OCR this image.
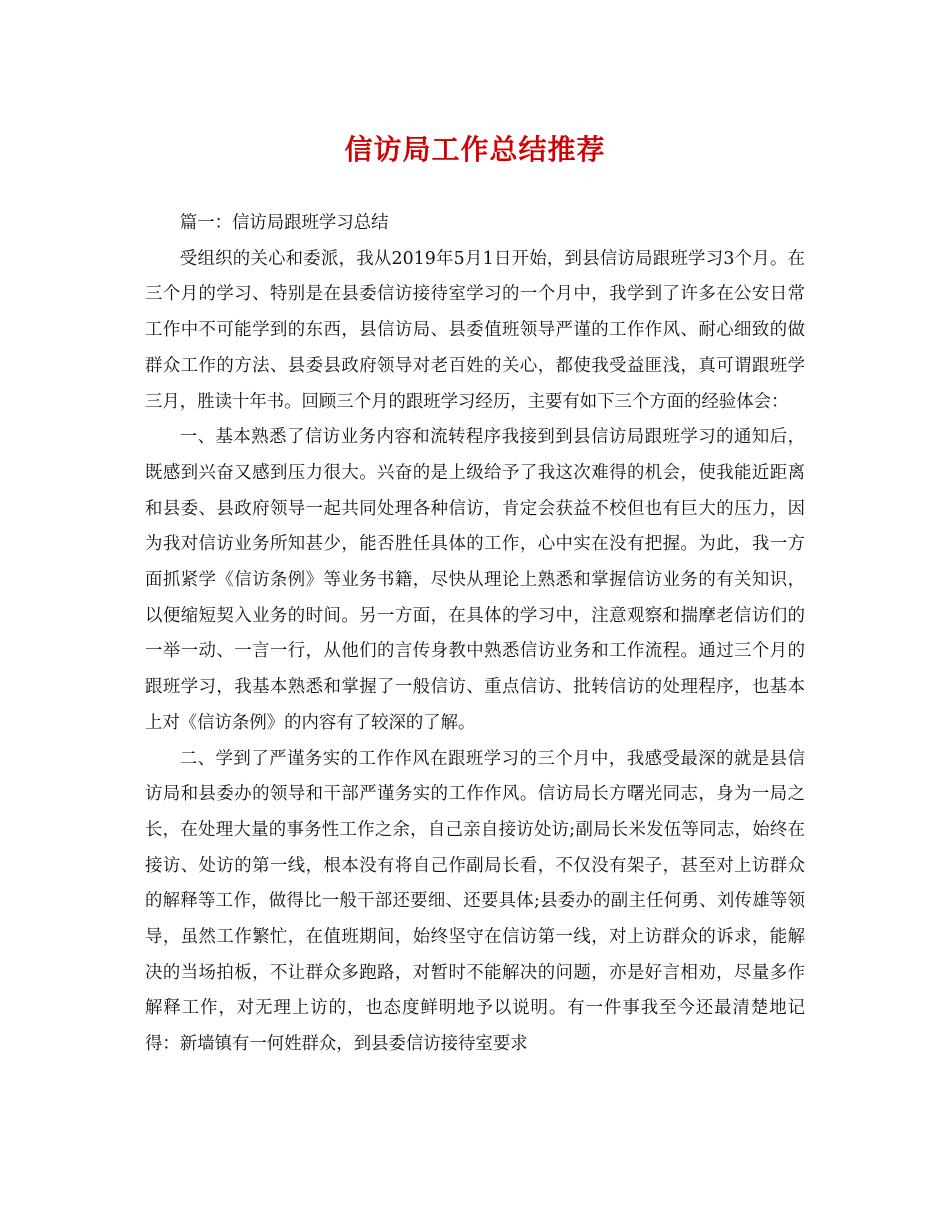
信访局工作总结推荐

篇一：信访局跟班学习总结

受组织的关心和委派，我从2019年5月1日开始，到县信访局跟班学习3个月。在三个月的学习、特别是在县委信访接待室学习的一个月中，我学到了许多在公安日常工作中不可能学到的东西，县信访局、县委值班领导严谨的工作作风、耐心细致的做群众工作的方法、县委县政府领导对老百姓的关心，都使我受益匪浅，真可谓跟班学三月，胜读十年书。回顾三个月的跟班学习经历，主要有如下三个方面的经验体会：

一、基本熟悉了信访业务内容和流转程序我接到到县信访局跟班学习的通知后，既感到兴奋又感到压力很大。兴奋的是上级给予了我这次难得的机会，使我能近距离和县委、县政府领导一起共同处理各种信访，肯定会获益不校但也有巨大的压力，因为我对信访业务所知甚少，能否胜任具体的工作，心中实在没有把握。为此，我一方面抓紧学《信访条例》等业务书籍，尽快从理论上熟悉和掌握信访业务的有关知识，以便缩短契入业务的时间。另一方面，在具体的学习中，注意观察和揣摩老信访们的一举一动、一言一行，从他们的言传身教中熟悉信访业务和工作流程。通过三个月的跟班学习，我基本熟悉和掌握了一般信访、重点信访、批转信访的处理程序，也基本上对《信访条例》的内容有了较深的了解。

二、学到了严谨务实的工作作风在跟班学习的三个月中，我感受最深的就是县信访局和县委办的领导和干部严谨务实的工作作风。信访局长方曙光同志，身为一局之长，在处理大量的事务性工作之余，自己亲自接访处访;副局长米发伍等同志，始终在接访、处访的第一线，根本没有将自己作副局长看，不仅没有架子，甚至对上访群众的解释等工作，做得比一般干部还要细、还要具体;县委办的副主任何勇、刘传雄等领导，虽然工作繁忙，在值班期间，始终坚守在信访第一线，对上访群众的诉求，能解决的当场拍板，不让群众多跑路，对暂时不能解决的问题，亦是好言相劝，尽量多作解释工作，对无理上访的，也态度鲜明地予以说明。有一件事我至今还最清楚地记得：新墙镇有一何姓群众，到县委信访接待室要求
